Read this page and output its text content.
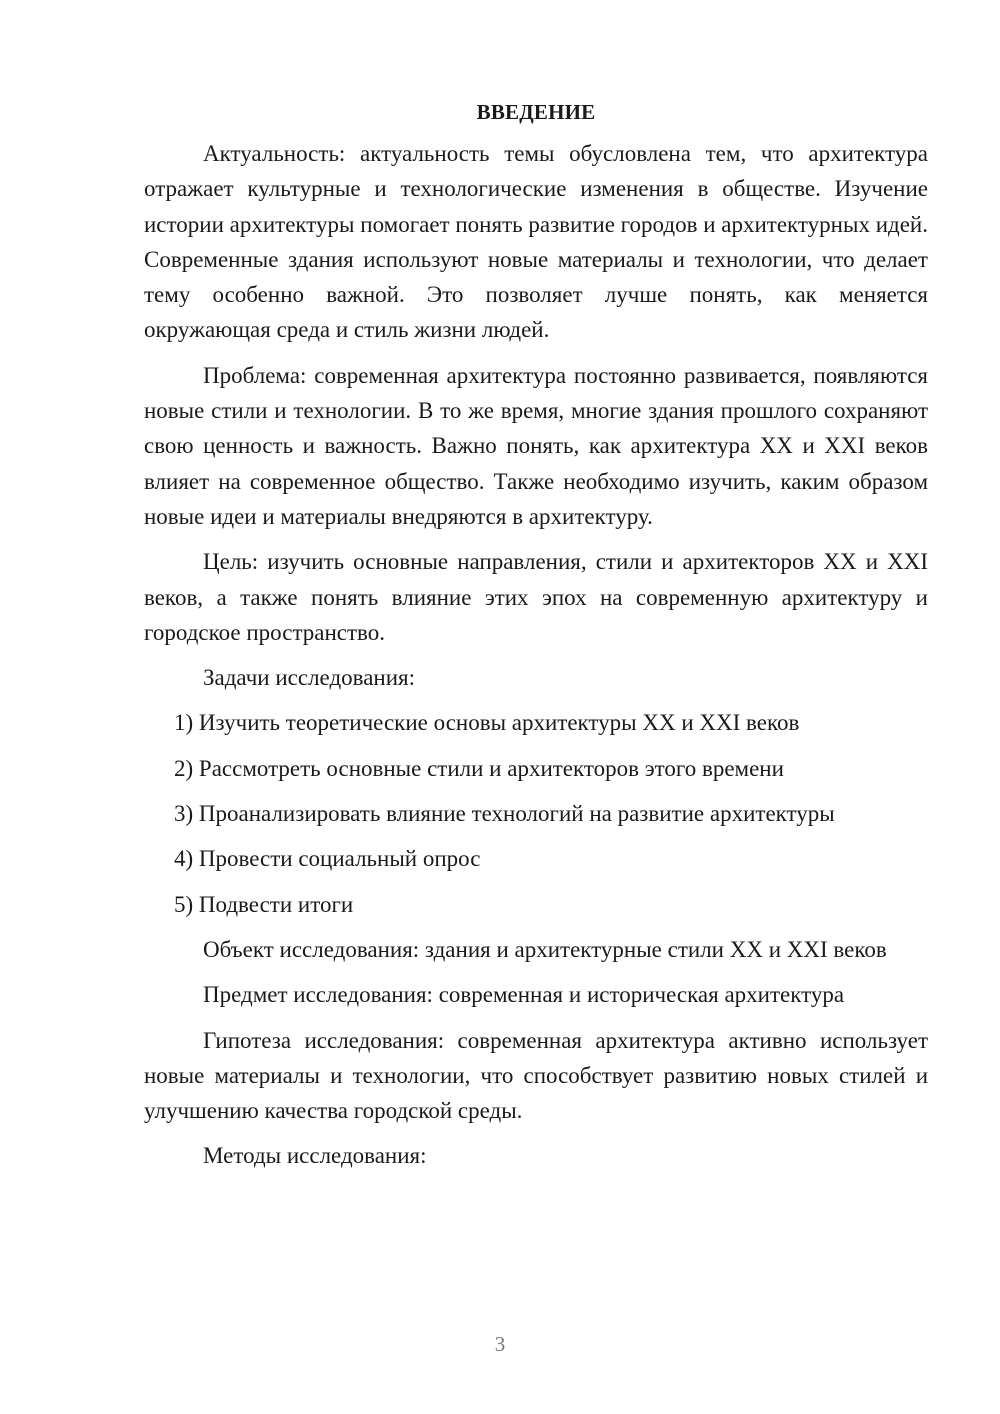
ВВЕДЕНИЕ

Актуальность: актуальность темы обусловлена тем, что архитектура отражает культурные и технологические изменения в обществе. Изучение истории архитектуры помогает понять развитие городов и архитектурных идей. Современные здания используют новые материалы и технологии, что делает тему особенно важной. Это позволяет лучше понять, как меняется окружающая среда и стиль жизни людей.

Проблема: современная архитектура постоянно развивается, появляются новые стили и технологии. В то же время, многие здания прошлого сохраняют свою ценность и важность. Важно понять, как архитектура XX и XXI веков влияет на современное общество. Также необходимо изучить, каким образом новые идеи и материалы внедряются в архитектуру.

Цель: изучить основные направления, стили и архитекторов XX и XXI веков, а также понять влияние этих эпох на современную архитектуру и городское пространство.

Задачи исследования:

1) Изучить теоретические основы архитектуры XX и XXI веков
2) Рассмотреть основные стили и архитекторов этого времени
3) Проанализировать влияние технологий на развитие архитектуры
4) Провести социальный опрос
5) Подвести итоги

Объект исследования: здания и архитектурные стили XX и XXI веков

Предмет исследования: современная и историческая архитектура

Гипотеза исследования: современная архитектура активно использует новые материалы и технологии, что способствует развитию новых стилей и улучшению качества городской среды.

Методы исследования:

3
